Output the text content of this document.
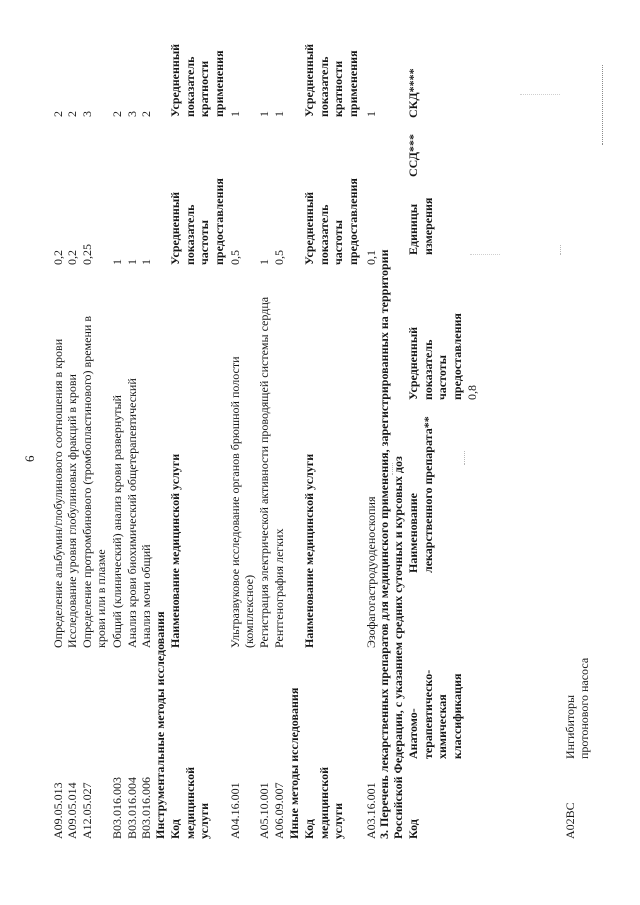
6
A09.05.013
Определение альбумин/глобулинового соотношения в крови
0,2
2
A09.05.014
Исследование уровня глобулиновых фракций в крови
0,2
2
A12.05.027
Определение протромбинового (тромбопластинового) времени в
0,25
3
крови или в плазме
B03.016.003
Общий (клинический) анализ крови развернутый
1
2
B03.016.004
Анализ крови биохимический общетерапевтический
1
3
B03.016.006
Анализ мочи общий
1
2
Инструментальные методы исследования Код медицинской услуги
Наименование медицинской услуги
Усредненный показатель частоты предоставления
Усредненный показатель кратности применения
A04.16.001
Ультразвуковое исследование органов брюшной полости
0,5
1
(комплексное)
A05.10.001
Регистрация электрической активности проводящей системы сердца
1
1
A06.09.007
Рентгенография легких
0,5
1
Иные методы исследования Код медицинской услуги
Наименование медицинской услуги
Усредненный показатель частоты предоставления
Усредненный показатель кратности применения
A03.16.001
Эзофагогастродуоденоскопия
0,1
1
3. Перечень лекарственных препаратов для медицинского применения, зарегистрированных на территории Российской Федерации, с указанием средних суточных и курсовых доз Код
Анатомо- терапевтическо- химическая классификация
Наименование лекарственного препарата**
Усредненный показатель частоты предоставления
Единицы измерения
ССД***
СКД****
A02BC
Ингибиторы протонового насоса
0,8
